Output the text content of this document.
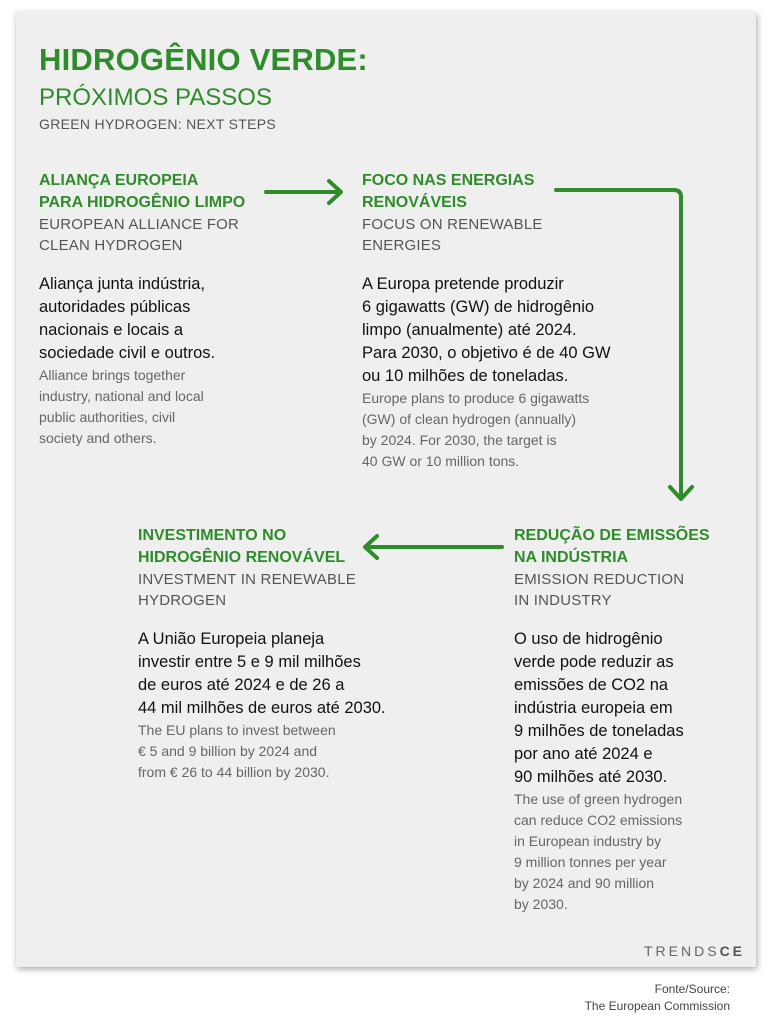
HIDROGÊNIO VERDE:
PRÓXIMOS PASSOS
GREEN HYDROGEN: NEXT STEPS
ALIANÇA EUROPEIA
PARA HIDROGÊNIO LIMPO
EUROPEAN ALLIANCE FOR
CLEAN HYDROGEN
Aliança junta indústria,
autoridades públicas
nacionais e locais a
sociedade civil e outros.
Alliance brings together
industry, national and local
public authorities, civil
society and others.
FOCO NAS ENERGIAS
RENOVÁVEIS
FOCUS ON RENEWABLE
ENERGIES
A Europa pretende produzir
6 gigawatts (GW) de hidrogênio
limpo (anualmente) até 2024.
Para 2030, o objetivo é de 40 GW
ou 10 milhões de toneladas.
Europe plans to produce 6 gigawatts
(GW) of clean hydrogen (annually)
by 2024. For 2030, the target is
40 GW or 10 million tons.
REDUÇÃO DE EMISSÕES
NA INDÚSTRIA
EMISSION REDUCTION
IN INDUSTRY
O uso de hidrogênio
verde pode reduzir as
emissões de CO2 na
indústria europeia em
9 milhões de toneladas
por ano até 2024 e
90 milhões até 2030.
The use of green hydrogen
can reduce CO2 emissions
in European industry by
9 million tonnes per year
by 2024 and 90 million
by 2030.
INVESTIMENTO NO
HIDROGÊNIO RENOVÁVEL
INVESTMENT IN RENEWABLE
HYDROGEN
A União Europeia planeja
investir entre 5 e 9 mil milhões
de euros até 2024 e de 26 a
44 mil milhões de euros até 2030.
The EU plans to invest between
€ 5 and 9 billion by 2024 and
from € 26 to 44 billion by 2030.
TRENDSCE
Fonte/Source:
The European Commission
